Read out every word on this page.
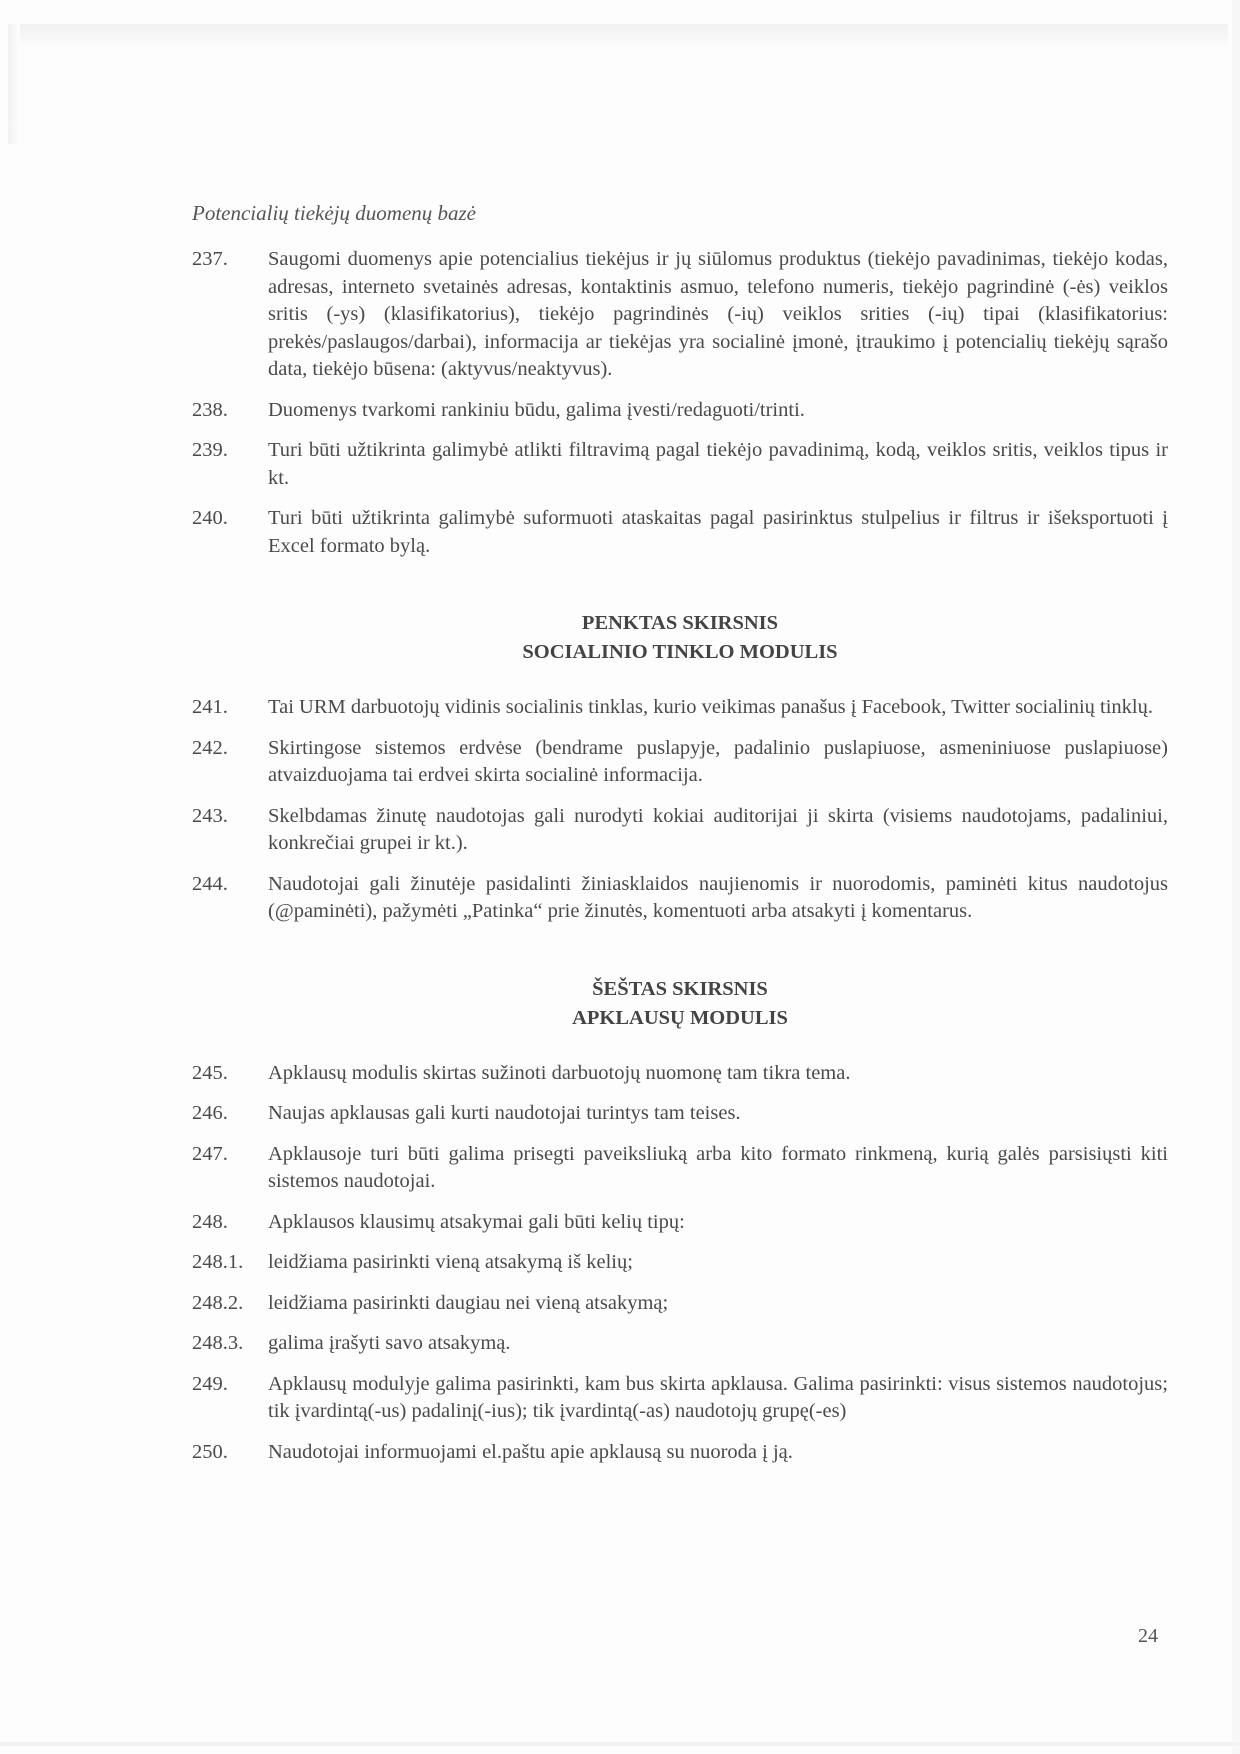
Potencialių tiekėjų duomenų bazė
237.	Saugomi duomenys apie potencialius tiekėjus ir jų siūlomus produktus (tiekėjo pavadinimas, tiekėjo kodas, adresas, interneto svetainės adresas, kontaktinis asmuo, telefono numeris, tiekėjo pagrindinė (-ės) veiklos sritis (-ys) (klasifikatorius), tiekėjo pagrindinės (-ių) veiklos srities (-ių) tipai (klasifikatorius: prekės/paslaugos/darbai), informacija ar tiekėjas yra socialinė įmonė, įtraukimo į potencialių tiekėjų sąrašo data, tiekėjo būsena: (aktyvus/neaktyvus).
238.	Duomenys tvarkomi rankiniu būdu, galima įvesti/redaguoti/trinti.
239.	Turi būti užtikrinta galimybė atlikti filtravimą pagal tiekėjo pavadinimą, kodą, veiklos sritis, veiklos tipus ir kt.
240.	Turi būti užtikrinta galimybė suformuoti ataskaitas pagal pasirinktus stulpelius ir filtrus ir išeksportuoti į Excel formato bylą.
PENKTAS SKIRSNIS
SOCIALINIO TINKLO MODULIS
241.	Tai URM darbuotojų vidinis socialinis tinklas, kurio veikimas panašus į Facebook, Twitter socialinių tinklų.
242.	Skirtingose sistemos erdvėse (bendrame puslapyje, padalinio puslapiuose, asmeniniuose puslapiuose) atvaizduojama tai erdvei skirta socialinė informacija.
243.	Skelbdamas žinutę naudotojas gali nurodyti kokiai auditorijai ji skirta (visiems naudotojams, padaliniui, konkrečiai grupei ir kt.).
244.	Naudotojai gali žinutėje pasidalinti žiniasklaidos naujienomis ir nuorodomis, paminėti kitus naudotojus (@paminėti), pažymėti „Patinka“ prie žinutės, komentuoti arba atsakyti į komentarus.
ŠEŠTAS SKIRSNIS
APKLAUSŲ MODULIS
245.	Apklausų modulis skirtas sužinoti darbuotojų nuomonę tam tikra tema.
246.	Naujas apklausas gali kurti naudotojai turintys tam teises.
247.	Apklausoje turi būti galima prisegti paveiksliuką arba kito formato rinkmeną, kurią galės parsisiųsti kiti sistemos naudotojai.
248.	Apklausos klausimų atsakymai gali būti kelių tipų:
248.1.	leidžiama pasirinkti vieną atsakymą iš kelių;
248.2.	leidžiama pasirinkti daugiau nei vieną atsakymą;
248.3.	galima įrašyti savo atsakymą.
249.	Apklausų modulyje galima pasirinkti, kam bus skirta apklausa. Galima pasirinkti: visus sistemos naudotojus; tik įvardintą(-us) padalinį(-ius); tik įvardintą(-as) naudotojų grupę(-es)
250.	Naudotojai informuojami el.paštu apie apklausą su nuoroda į ją.
24
